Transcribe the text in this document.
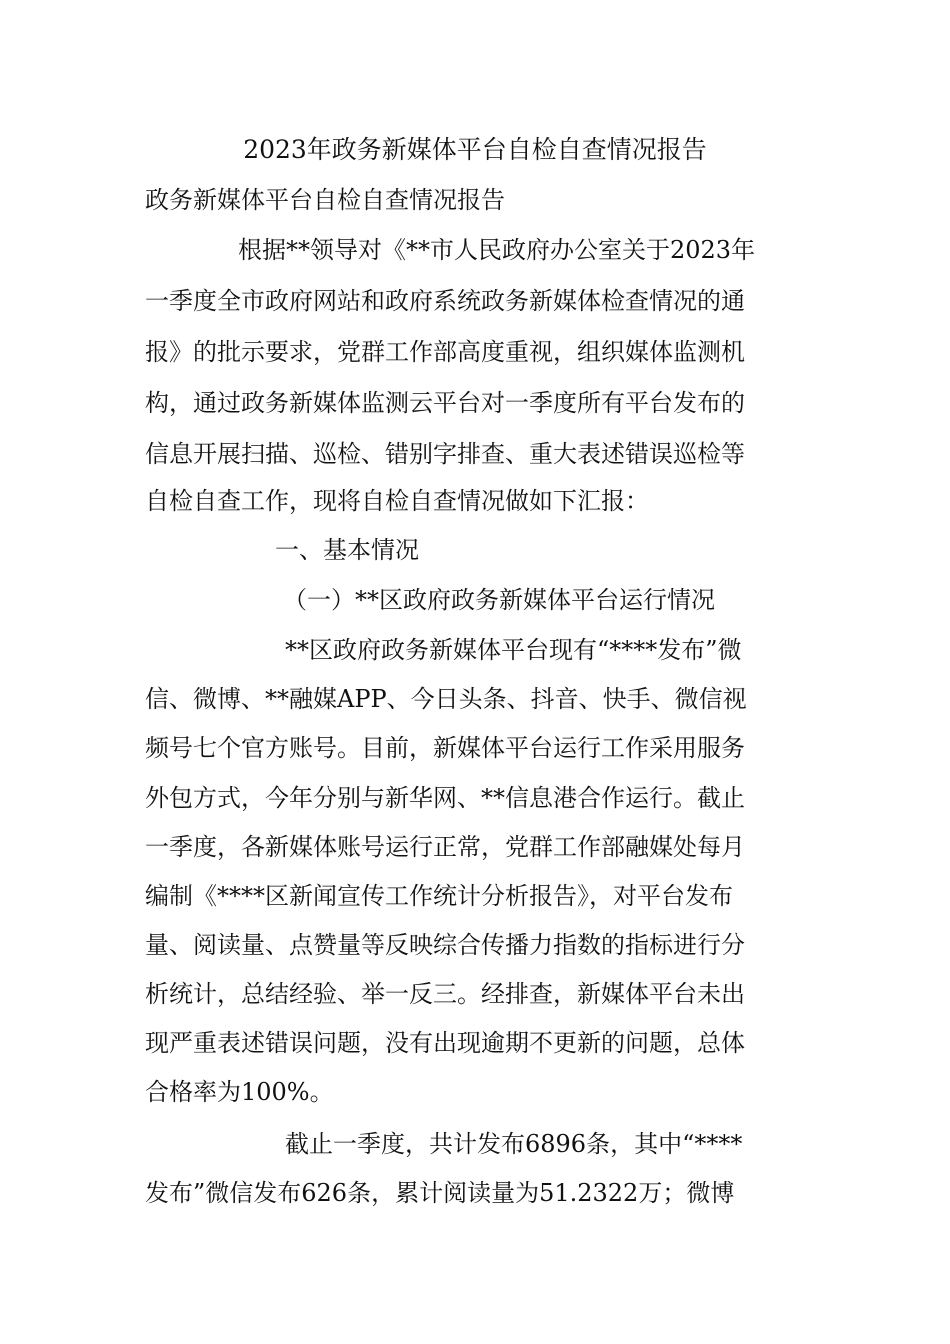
2023年政务新媒体平台自检自查情况报告
政务新媒体平台自检自查情况报告
根据**领导对《**市人民政府办公室关于2023年
一季度全市政府网站和政府系统政务新媒体检查情况的通
报》的批示要求，党群工作部高度重视，组织媒体监测机
构，通过政务新媒体监测云平台对一季度所有平台发布的
信息开展扫描、巡检、错别字排查、重大表述错误巡检等
自检自查工作，现将自检自查情况做如下汇报：
一、基本情况
（一）**区政府政务新媒体平台运行情况
**区政府政务新媒体平台现有“****发布”微
信、微博、**融媒APP、今日头条、抖音、快手、微信视
频号七个官方账号。目前，新媒体平台运行工作采用服务
外包方式，今年分别与新华网、**信息港合作运行。截止
一季度，各新媒体账号运行正常，党群工作部融媒处每月
编制《****区新闻宣传工作统计分析报告》，对平台发布
量、阅读量、点赞量等反映综合传播力指数的指标进行分
析统计，总结经验、举一反三。经排查，新媒体平台未出
现严重表述错误问题，没有出现逾期不更新的问题，总体
合格率为100%。
截止一季度，共计发布6896条，其中“****
发布”微信发布626条，累计阅读量为51.2322万；微博
